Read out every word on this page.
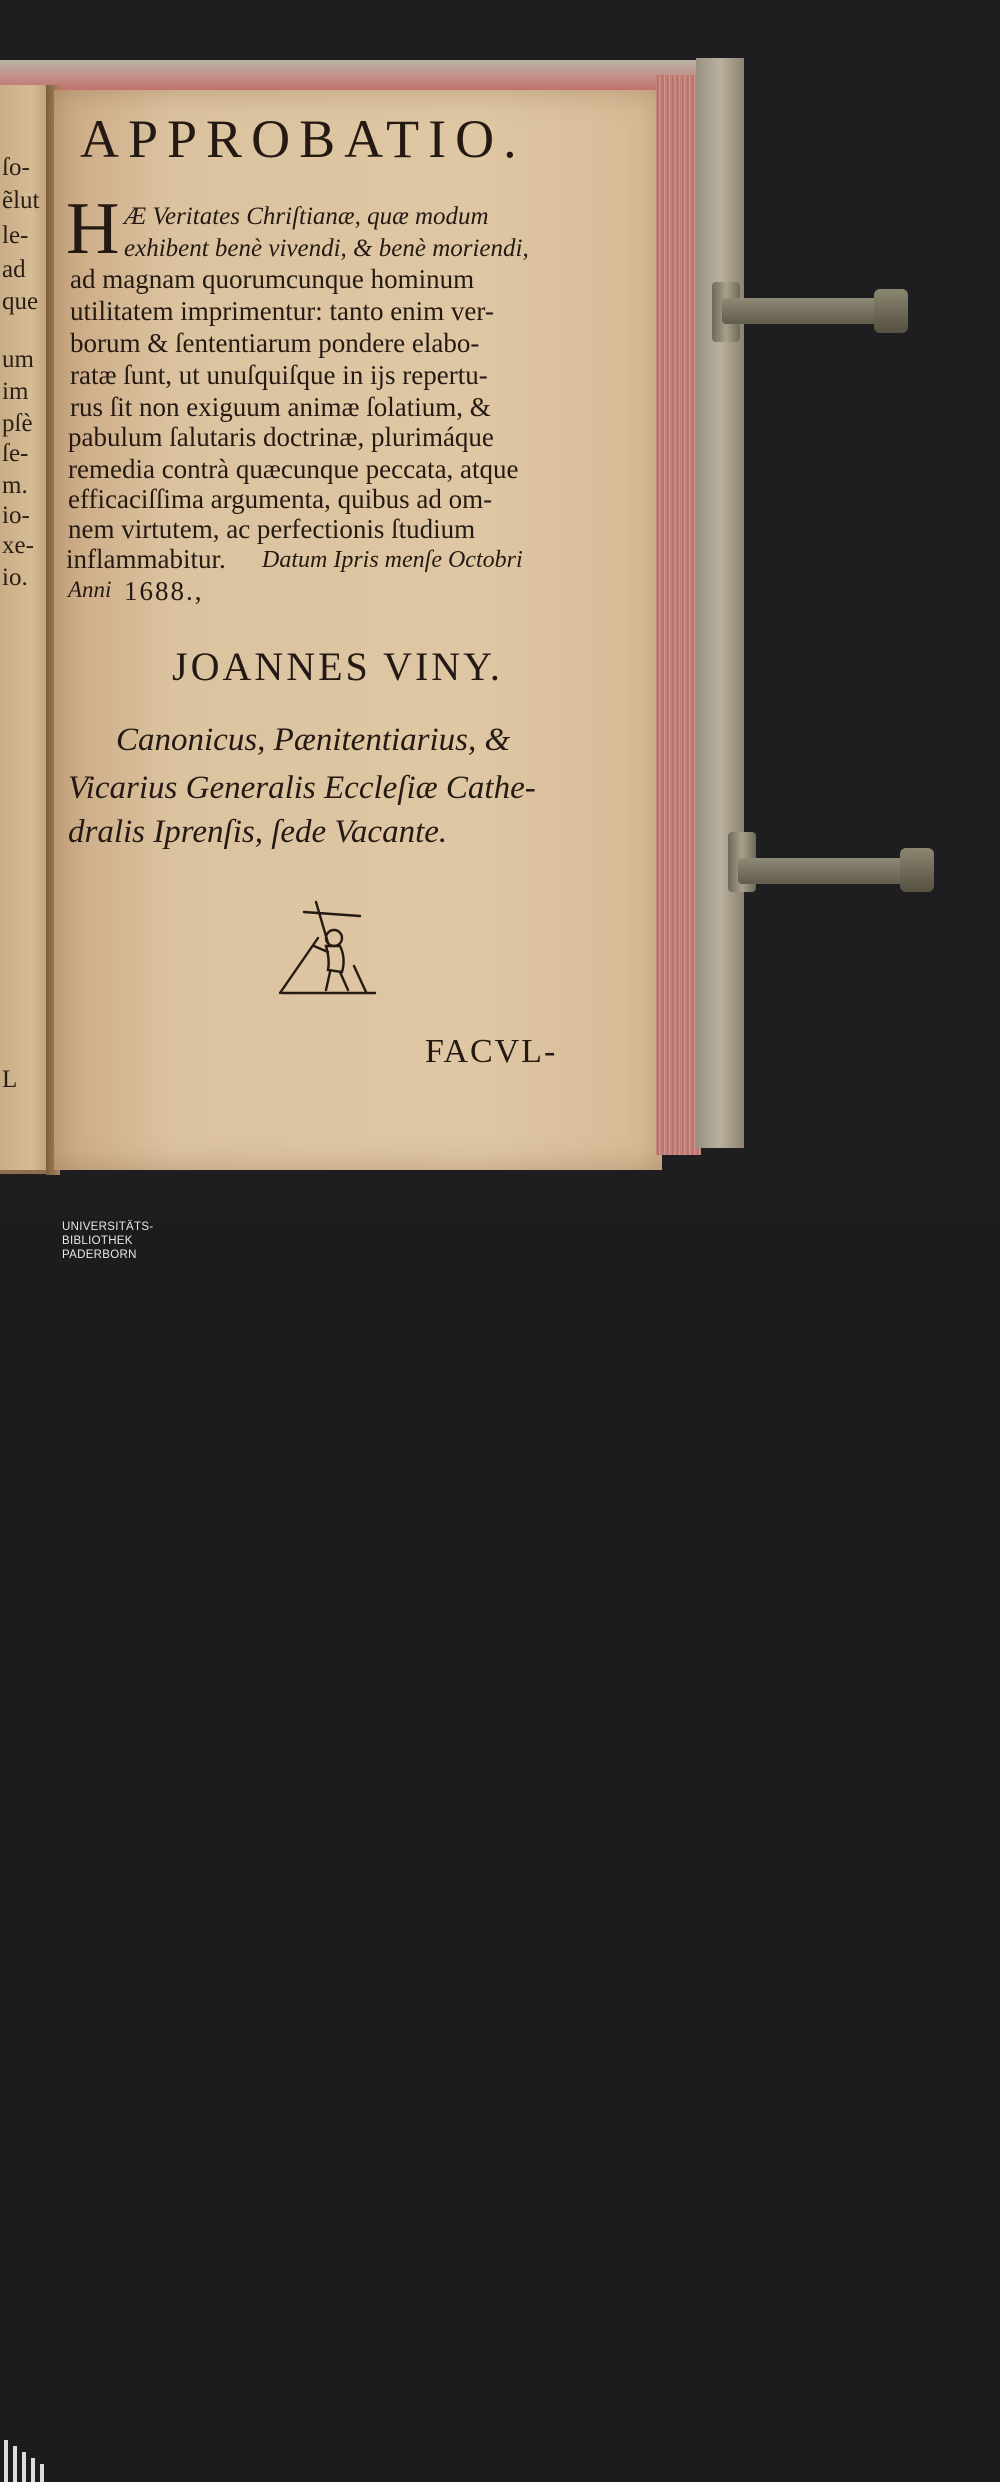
ſo-
ẽlut
le-
ad
que
um
im
pſè
ſe-
m.
io-
xe-
io.
L
APPROBATIO.
H Æ Veritates Chriſtianæ, quæ modum
exhibent benè vivendi, & benè moriendi,
ad magnam quorumcunque hominum
utilitatem imprimentur: tanto enim ver-
borum & ſententiarum pondere elabo-
ratæ ſunt, ut unuſquiſque in ijs repertu-
rus ſit non exiguum animæ ſolatium, &
pabulum ſalutaris doctrinæ, plurimáque
remedia contrà quæcunque peccata, atque
efficaciſſima argumenta, quibus ad om-
nem virtutem, ac perfectionis ſtudium
inflammabitur. Datum Ipris menſe Octobri
Anni 1688.,
JOANNES VINY.
Canonicus, Pænitentiarius, &
Vicarius Generalis Eccleſiæ Cathe-
dralis Iprenſis, ſede Vacante.
FACVL-
UNIVERSITÄTS-
BIBLIOTHEK
PADERBORN
